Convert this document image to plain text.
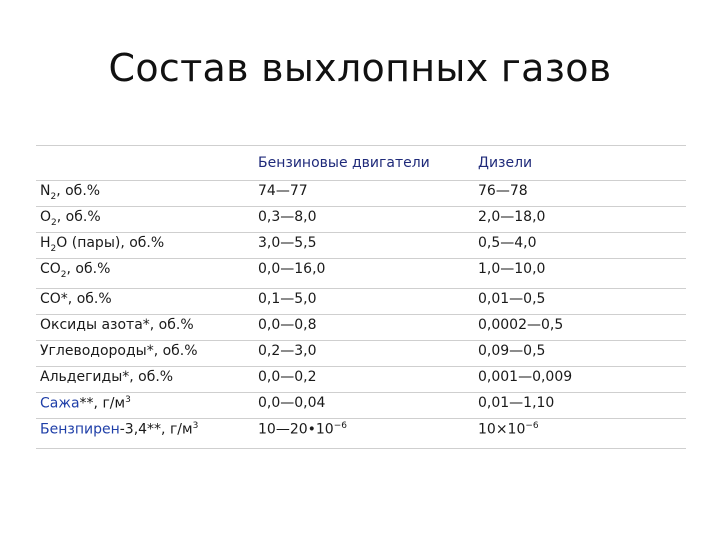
Состав выхлопных газов
	Бензиновые двигатели	Дизели
$N_2$, об.%	74—77	76—78
$O_2$, об.%	0,3—8,0	2,0—18,0
$H_2O$ (пары), об.%	3,0—5,5	0,5—4,0
$CO_2$, об.%	0,0—16,0	1,0—10,0
CO*, об.%	0,1—5,0	0,01—0,5
Оксиды азота*, об.%	0,0—0,8	0,0002—0,5
Углеводороды*, об.%	0,2—3,0	0,09—0,5
Альдегиды*, об.%	0,0—0,2	0,001—0,009
Сажа**, $г/м^3$	0,0—0,04	0,01—1,10
Бензпирен-3,4**, $г/м^3$	$10—20•10^{-6}$	$10\times 10^{-6}$
